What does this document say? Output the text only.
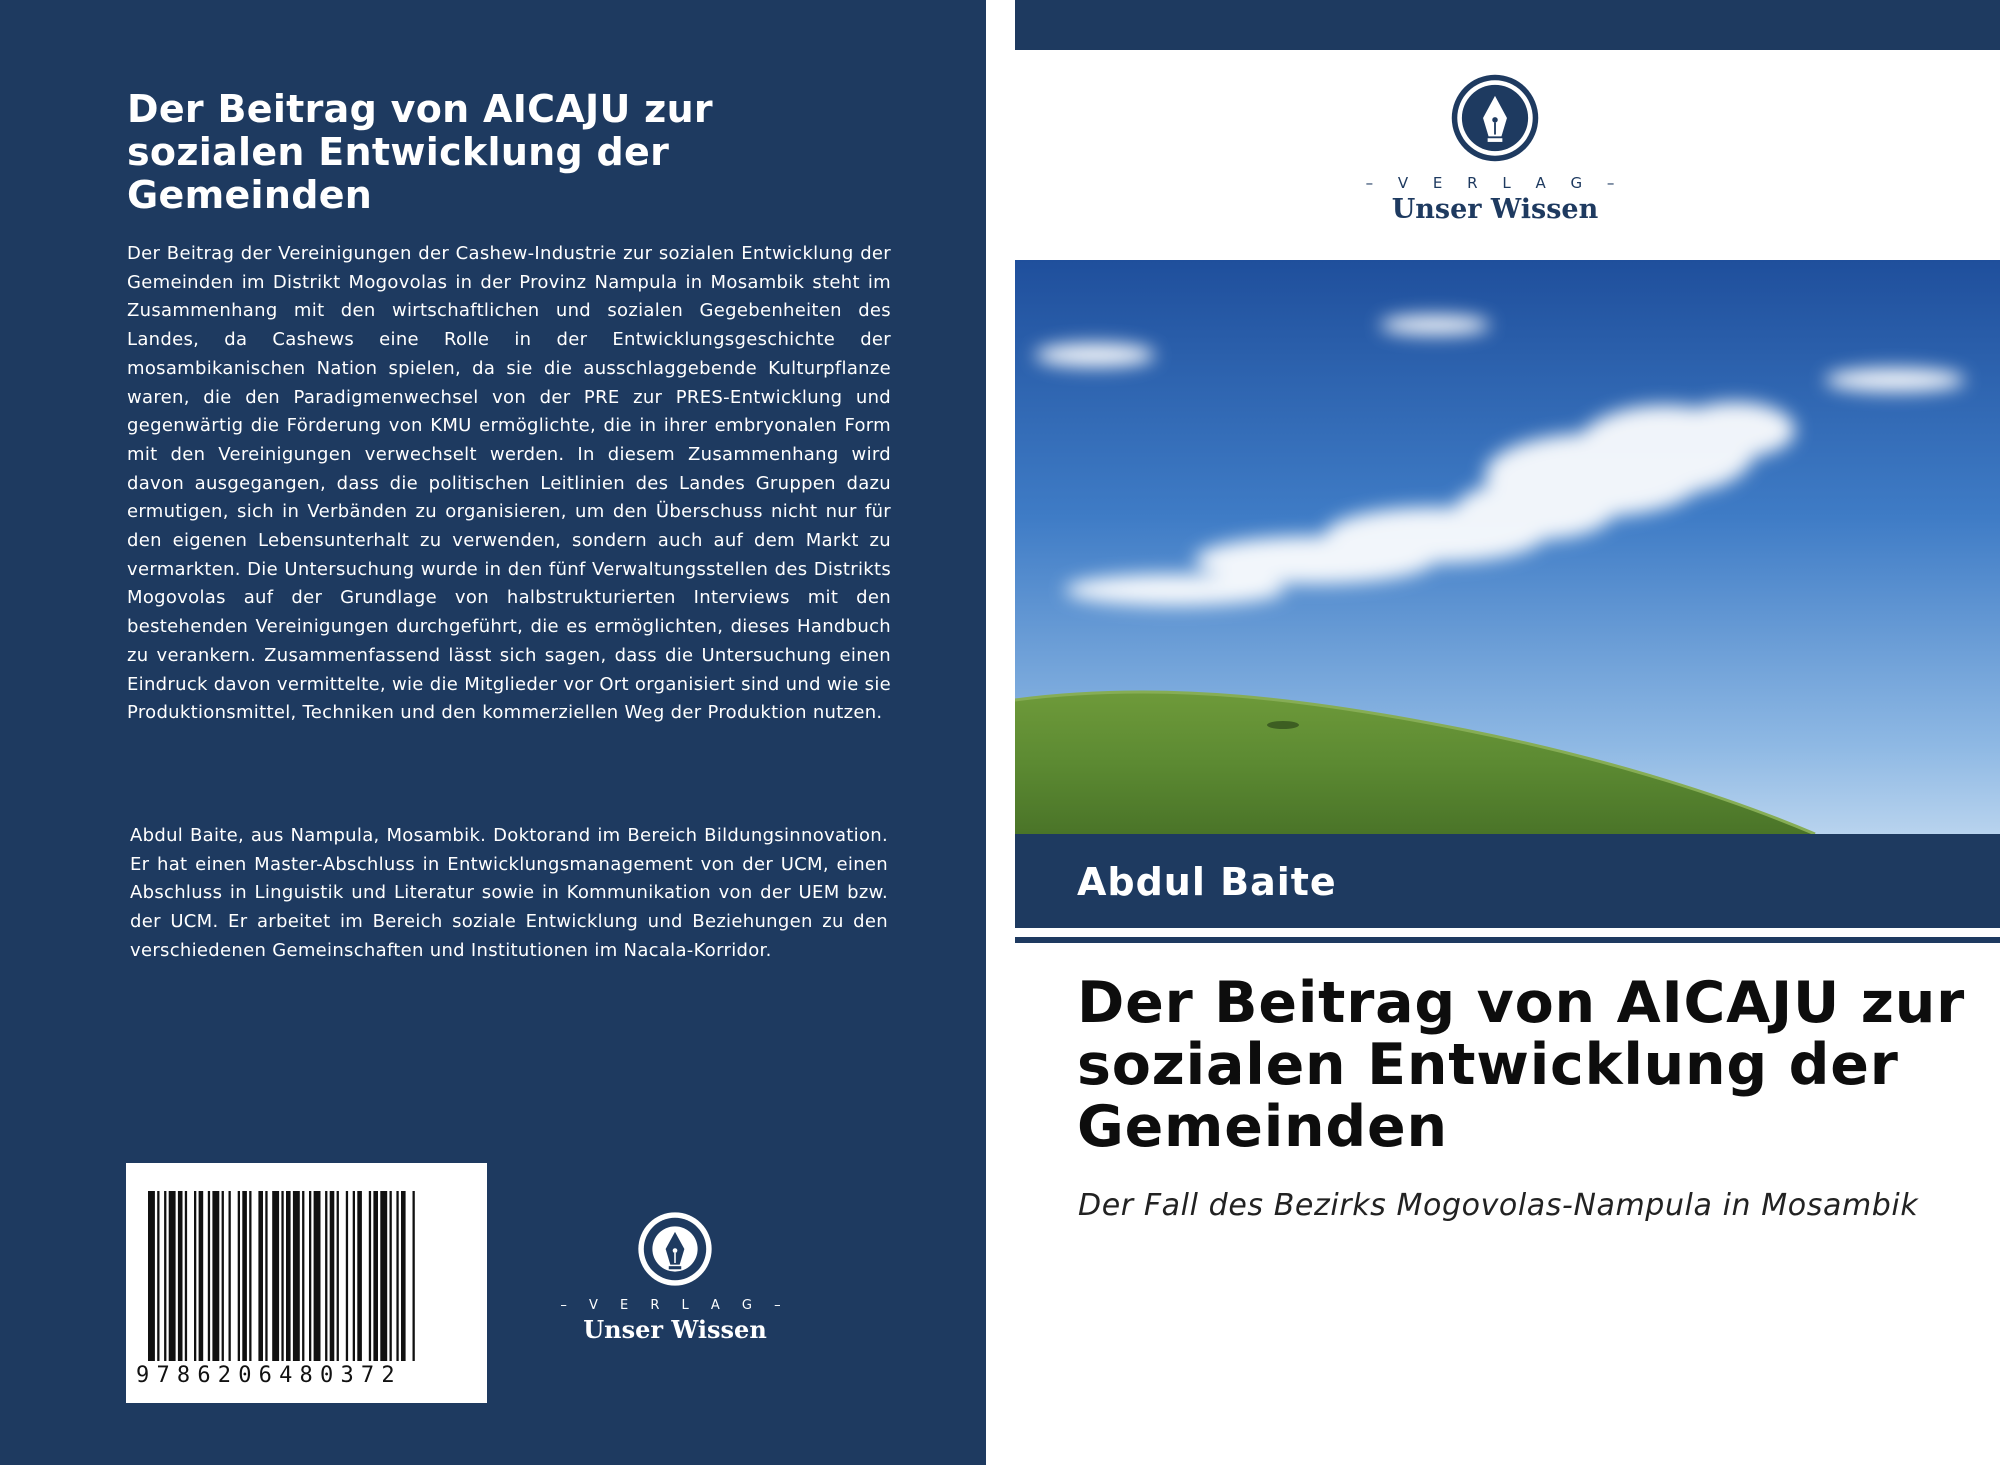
Der Beitrag von AICAJU zur sozialen Entwicklung der Gemeinden

Der Beitrag der Vereinigungen der Cashew-Industrie zur sozialen Entwicklung der Gemeinden im Distrikt Mogovolas in der Provinz Nampula in Mosambik steht im Zusammenhang mit den wirtschaftlichen und sozialen Gegebenheiten des Landes, da Cashews eine Rolle in der Entwicklungsgeschichte der mosambikanischen Nation spielen, da sie die ausschlaggebende Kulturpflanze waren, die den Paradigmenwechsel von der PRE zur PRES-Entwicklung und gegenwärtig die Förderung von KMU ermöglichte, die in ihrer embryonalen Form mit den Vereinigungen verwechselt werden. In diesem Zusammenhang wird davon ausgegangen, dass die politischen Leitlinien des Landes Gruppen dazu ermutigen, sich in Verbänden zu organisieren, um den Überschuss nicht nur für den eigenen Lebensunterhalt zu verwenden, sondern auch auf dem Markt zu vermarkten. Die Untersuchung wurde in den fünf Verwaltungsstellen des Distrikts Mogovolas auf der Grundlage von halbstrukturierten Interviews mit den bestehenden Vereinigungen durchgeführt, die es ermöglichten, dieses Handbuch zu verankern. Zusammenfassend lässt sich sagen, dass die Untersuchung einen Eindruck davon vermittelte, wie die Mitglieder vor Ort organisiert sind und wie sie Produktionsmittel, Techniken und den kommerziellen Weg der Produktion nutzen.

Abdul Baite, aus Nampula, Mosambik. Doktorand im Bereich Bildungsinnovation. Er hat einen Master-Abschluss in Entwicklungsmanagement von der UCM, einen Abschluss in Linguistik und Literatur sowie in Kommunikation von der UEM bzw. der UCM. Er arbeitet im Bereich soziale Entwicklung und Beziehungen zu den verschiedenen Gemeinschaften und Institutionen im Nacala-Korridor.

9786206480372
– V E R L A G –
Unser Wissen
– V E R L A G –
Unser Wissen
Abdul Baite
Der Beitrag von AICAJU zur sozialen Entwicklung der Gemeinden

Der Fall des Bezirks Mogovolas-Nampula in Mosambik
